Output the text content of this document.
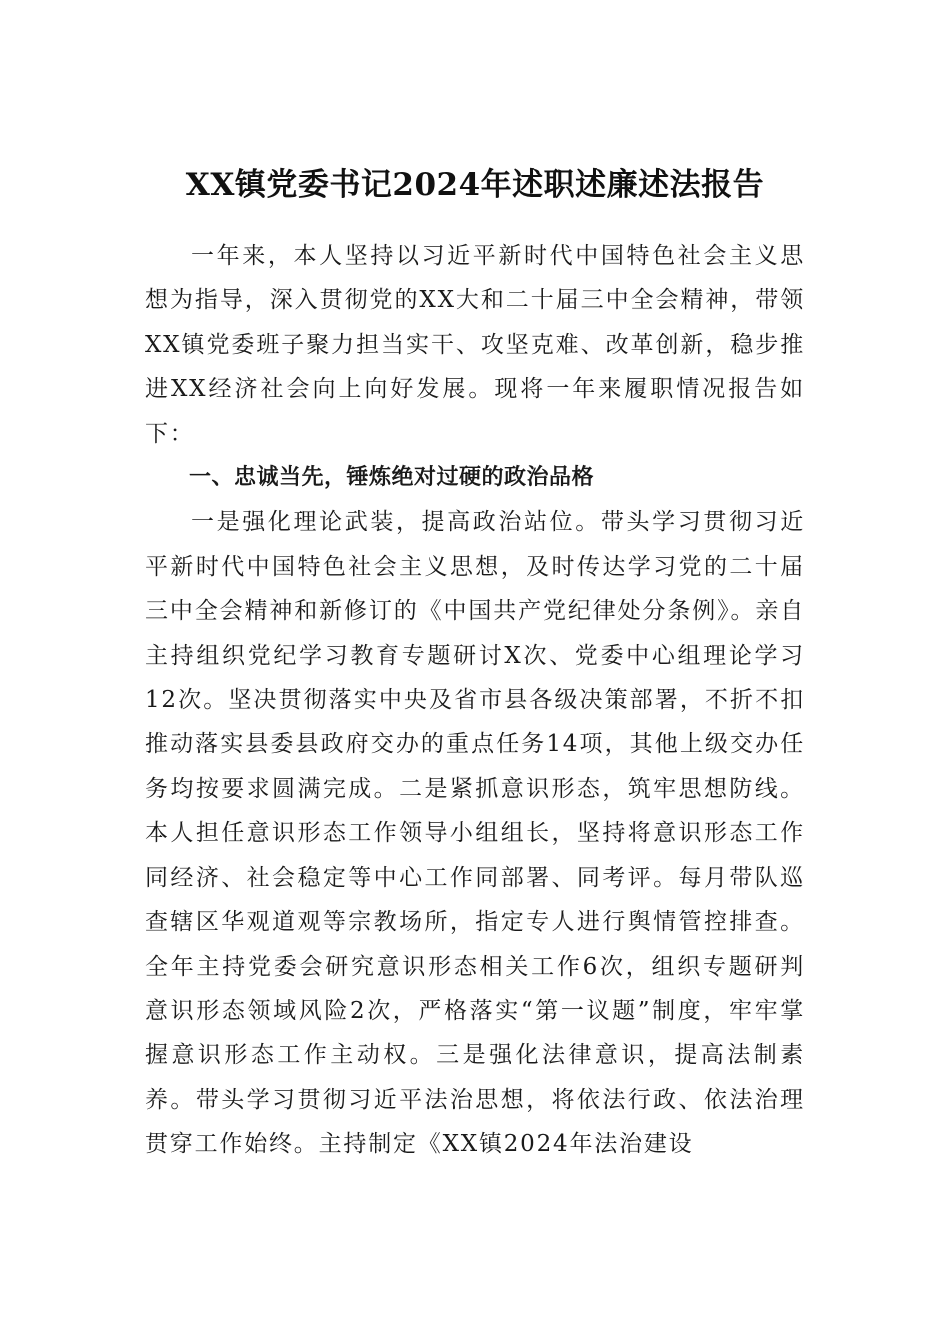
XX镇党委书记2024年述职述廉述法报告

一年来，本人坚持以习近平新时代中国特色社会主义思想为指导，深入贯彻党的XX大和二十届三中全会精神，带领XX镇党委班子聚力担当实干、攻坚克难、改革创新，稳步推进XX经济社会向上向好发展。现将一年来履职情况报告如下：

一、忠诚当先，锤炼绝对过硬的政治品格

一是强化理论武装，提高政治站位。带头学习贯彻习近平新时代中国特色社会主义思想，及时传达学习党的二十届三中全会精神和新修订的《中国共产党纪律处分条例》。亲自主持组织党纪学习教育专题研讨X次、党委中心组理论学习12次。坚决贯彻落实中央及省市县各级决策部署，不折不扣推动落实县委县政府交办的重点任务14项，其他上级交办任务均按要求圆满完成。二是紧抓意识形态，筑牢思想防线。本人担任意识形态工作领导小组组长，坚持将意识形态工作同经济、社会稳定等中心工作同部署、同考评。每月带队巡查辖区华观道观等宗教场所，指定专人进行舆情管控排查。全年主持党委会研究意识形态相关工作6次，组织专题研判意识形态领域风险2次，严格落实“第一议题”制度，牢牢掌握意识形态工作主动权。三是强化法律意识，提高法制素养。带头学习贯彻习近平法治思想，将依法行政、依法治理贯穿工作始终。主持制定《XX镇2024年法治建设
